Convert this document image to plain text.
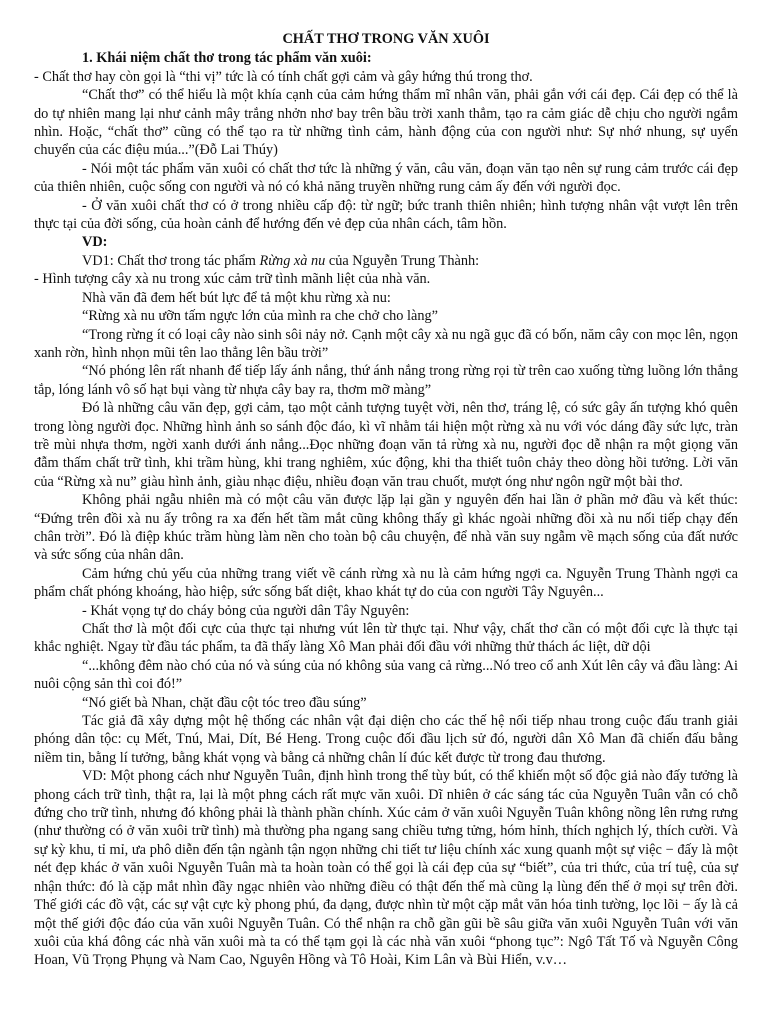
CHẤT THƠ TRONG VĂN XUÔI

1. Khái niệm chất thơ trong tác phẩm văn xuôi:

- Chất thơ hay còn gọi là “thi vị” tức là có tính chất gợi cảm và gây hứng thú trong thơ.

“Chất thơ” có thể hiểu là một khía cạnh của cảm hứng thẩm mĩ nhân văn, phải gắn với cái đẹp. Cái đẹp có thể là do tự nhiên mang lại như cảnh mây trắng nhởn nhơ bay trên bầu trời xanh thẳm, tạo ra cảm giác dễ chịu cho người ngắm nhìn. Hoặc, “chất thơ” cũng có thể tạo ra từ những tình cảm, hành động của con người như: Sự nhớ nhung, sự uyển chuyển của các điệu múa...”(Đỗ Lai Thúy)

- Nói một tác phẩm văn xuôi có chất thơ tức là những ý văn, câu văn, đoạn văn tạo nên sự rung cảm trước cái đẹp của thiên nhiên, cuộc sống con người và nó có khả năng truyền những rung cảm ấy đến với người đọc.

- Ở văn xuôi chất thơ có ở trong nhiều cấp độ: từ ngữ; bức tranh thiên nhiên; hình tượng nhân vật vượt lên trên thực tại của đời sống, của hoàn cảnh để hướng đến vẻ đẹp của nhân cách, tâm hồn.

VD:

VD1: Chất thơ trong tác phẩm Rừng xà nu của Nguyễn Trung Thành:

- Hình tượng cây xà nu trong xúc cảm trữ tình mãnh liệt của nhà văn.

Nhà văn đã đem hết bút lực để tả một khu rừng xà nu:

“Rừng xà nu ưỡn tấm ngực lớn của mình ra che chở cho làng”

“Trong rừng ít có loại cây nào sinh sôi nảy nở. Cạnh một cây xà nu ngã gục đã có bốn, năm cây con mọc lên, ngọn xanh rờn, hình nhọn mũi tên lao thẳng lên bầu trời”

“Nó phóng lên rất nhanh để tiếp lấy ánh nắng, thứ ánh nắng trong rừng rọi từ trên cao xuống từng luồng lớn thẳng tắp, lóng lánh vô số hạt bụi vàng từ nhựa cây bay ra, thơm mỡ màng”

Đó là những câu văn đẹp, gợi cảm, tạo một cảnh tượng tuyệt vời, nên thơ, tráng lệ, có sức gây ấn tượng khó quên trong lòng người đọc. Những hình ảnh so sánh độc đáo, kì vĩ nhằm tái hiện một rừng xà nu với vóc dáng đầy sức lực, tràn trề mùi nhựa thơm, ngời xanh dưới ánh nắng...Đọc những đoạn văn tả rừng xà nu, người đọc dễ nhận ra một giọng văn đẫm thấm chất trữ tình, khi trầm hùng, khi trang nghiêm, xúc động, khi tha thiết tuôn chảy theo dòng hồi tưởng. Lời văn của “Rừng xà nu” giàu hình ảnh, giàu nhạc điệu, nhiều đoạn văn trau chuốt, mượt óng như ngôn ngữ một bài thơ.

Không phải ngẫu nhiên mà có một câu văn được lặp lại gần y nguyên đến hai lần ở phần mở đầu và kết thúc: “Đứng trên đồi xà nu ấy trông ra xa đến hết tầm mắt cũng không thấy gì khác ngoài những đồi xà nu nối tiếp chạy đến chân trời”. Đó là điệp khúc trầm hùng làm nền cho toàn bộ câu chuyện, để nhà văn suy ngẫm về mạch sống của đất nước và sức sống của nhân dân.

Cảm hứng chủ yếu của những trang viết về cánh rừng xà nu là cảm hứng ngợi ca. Nguyễn Trung Thành ngợi ca phẩm chất phóng khoáng, hào hiệp, sức sống bất diệt, khao khát tự do của con người Tây Nguyên...

- Khát vọng tự do cháy bỏng của người dân Tây Nguyên:

Chất thơ là một đối cực của thực tại nhưng vút lên từ thực tại. Như vậy, chất thơ cần có một đối cực là thực tại khắc nghiệt. Ngay từ đầu tác phẩm, ta đã thấy làng Xô Man phải đối đầu với những thử thách ác liệt, dữ dội

“...không đêm nào chó của nó và súng của nó không sủa vang cả rừng...Nó treo cổ anh Xút lên cây vả đầu làng: Ai nuôi cộng sản thì coi đó!”

“Nó giết bà Nhan, chặt đầu cột tóc treo đầu súng”

Tác giả đã xây dựng một hệ thống các nhân vật đại diện cho các thế hệ nối tiếp nhau trong cuộc đấu tranh giải phóng dân tộc: cụ Mết, Tnú, Mai, Dít, Bé Heng. Trong cuộc đối đầu lịch sử đó, người dân Xô Man đã chiến đấu bằng niềm tin, bằng lí tưởng, bằng khát vọng và bằng cả những chân lí đúc kết được từ trong đau thương.

VD: Một phong cách như Nguyễn Tuân, định hình trong thể tùy bút, có thể khiến một số độc giả nào đấy tưởng là phong cách trữ tình, thật ra, lại là một phng cách rất mực văn xuôi. Dĩ nhiên ở các sáng tác của Nguyễn Tuân vẫn có chỗ đứng cho trữ tình, nhưng đó không phải là thành phần chính. Xúc cảm ở văn xuôi Nguyễn Tuân không nồng lên rưng rưng (như thường có ở văn xuôi trữ tình) mà thường pha ngang sang chiều tưng tửng, hóm hỉnh, thích nghịch lý, thích cười. Và sự kỳ khu, tỉ mỉ, ưa phô diễn đến tận ngành tận ngọn những chi tiết tư liệu chính xác xung quanh một sự việc − đấy là một nét đẹp khác ở văn xuôi Nguyễn Tuân mà ta hoàn toàn có thể gọi là cái đẹp của sự “biết”, của tri thức, của trí tuệ, của sự nhận thức: đó là cặp mắt nhìn đầy ngạc nhiên vào những điều có thật đến thế mà cũng lạ lùng đến thế ở mọi sự trên đời. Thế giới các đồ vật, các sự vật cực kỳ phong phú, đa dạng, được nhìn từ một cặp mắt văn hóa tinh tường, lọc lõi − ấy là cả một thế giới độc đáo của văn xuôi Nguyễn Tuân. Có thể nhận ra chỗ gần gũi bề sâu giữa văn xuôi Nguyễn Tuân với văn xuôi của khá đông các nhà văn xuôi mà ta có thể tạm gọi là các nhà văn xuôi “phong tục”: Ngô Tất Tố và Nguyễn Công Hoan, Vũ Trọng Phụng và Nam Cao, Nguyên Hồng và Tô Hoài, Kim Lân và Bùi Hiển, v.v…
